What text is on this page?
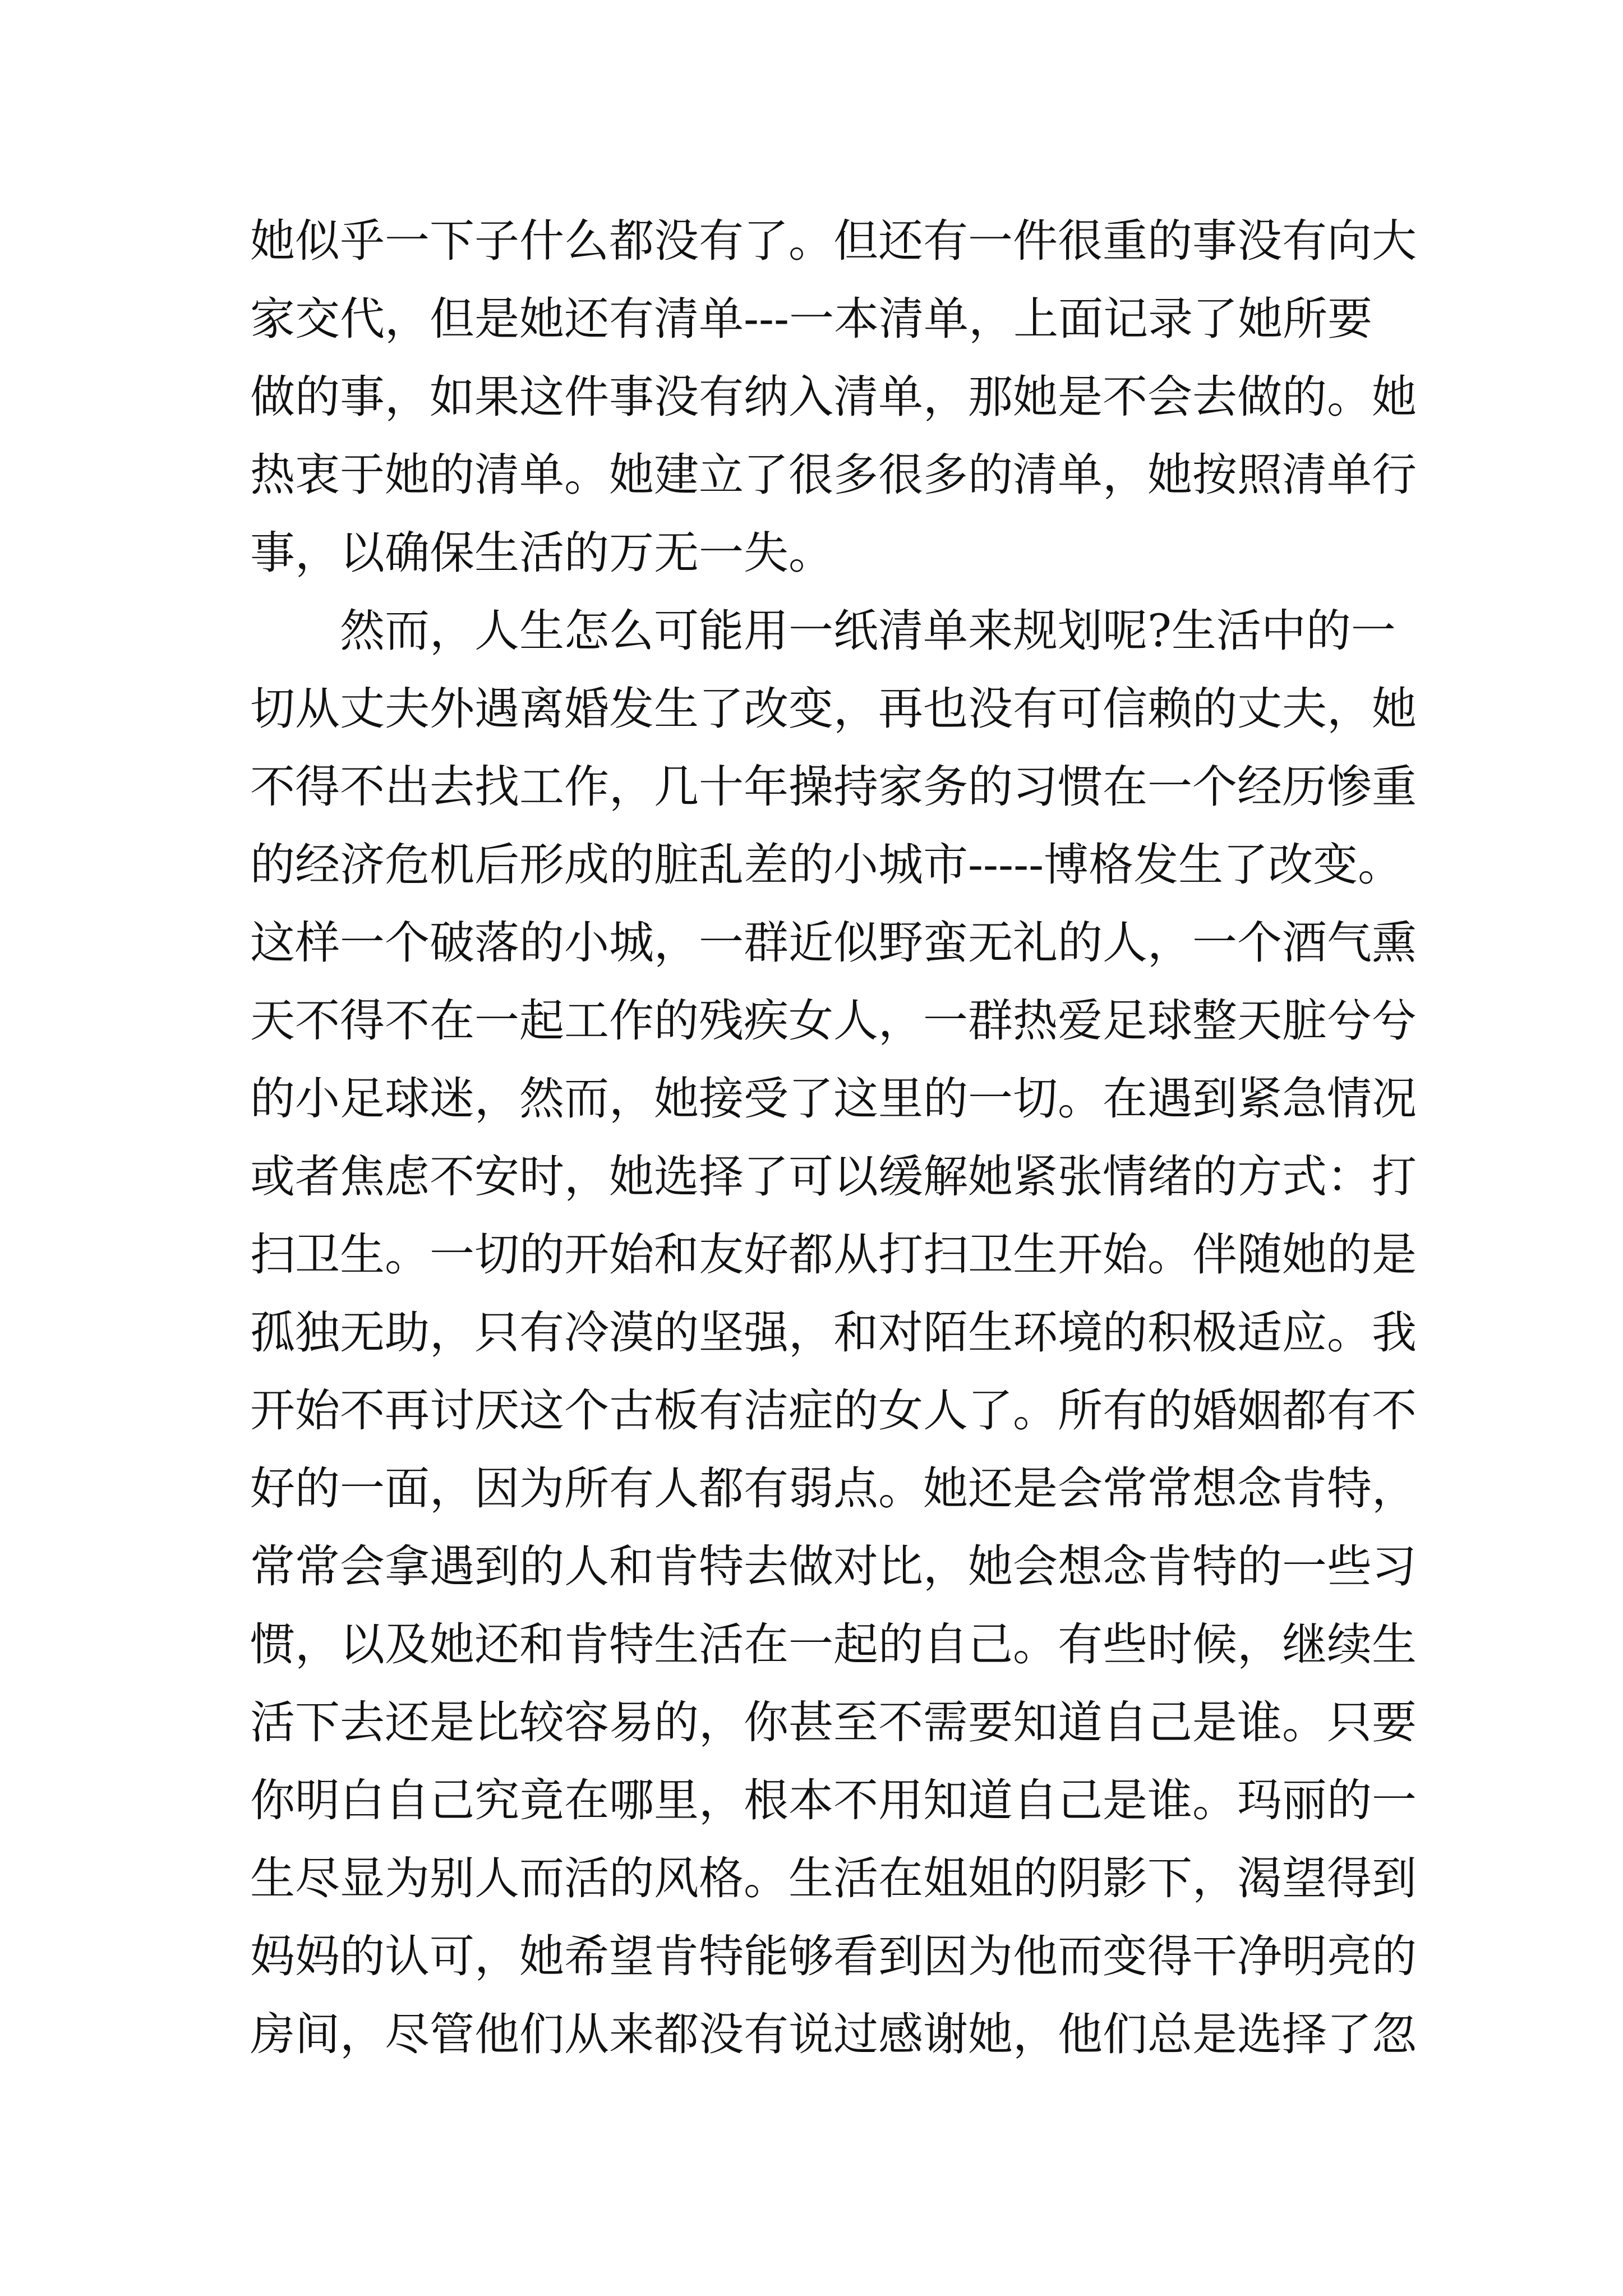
她似乎一下子什么都没有了。但还有一件很重的事没有向大
家交代，但是她还有清单---一本清单，上面记录了她所要
做的事，如果这件事没有纳入清单，那她是不会去做的。她
热衷于她的清单。她建立了很多很多的清单，她按照清单行
事，以确保生活的万无一失。
然而，人生怎么可能用一纸清单来规划呢?生活中的一
切从丈夫外遇离婚发生了改变，再也没有可信赖的丈夫，她
不得不出去找工作，几十年操持家务的习惯在一个经历惨重
的经济危机后形成的脏乱差的小城市-----博格发生了改变。
这样一个破落的小城，一群近似野蛮无礼的人，一个酒气熏
天不得不在一起工作的残疾女人，一群热爱足球整天脏兮兮
的小足球迷，然而，她接受了这里的一切。在遇到紧急情况
或者焦虑不安时，她选择了可以缓解她紧张情绪的方式：打
扫卫生。一切的开始和友好都从打扫卫生开始。伴随她的是
孤独无助，只有冷漠的坚强，和对陌生环境的积极适应。我
开始不再讨厌这个古板有洁症的女人了。所有的婚姻都有不
好的一面，因为所有人都有弱点。她还是会常常想念肯特，
常常会拿遇到的人和肯特去做对比，她会想念肯特的一些习
惯，以及她还和肯特生活在一起的自己。有些时候，继续生
活下去还是比较容易的，你甚至不需要知道自己是谁。只要
你明白自己究竟在哪里，根本不用知道自己是谁。玛丽的一
生尽显为别人而活的风格。生活在姐姐的阴影下，渴望得到
妈妈的认可，她希望肯特能够看到因为他而变得干净明亮的
房间，尽管他们从来都没有说过感谢她，他们总是选择了忽
